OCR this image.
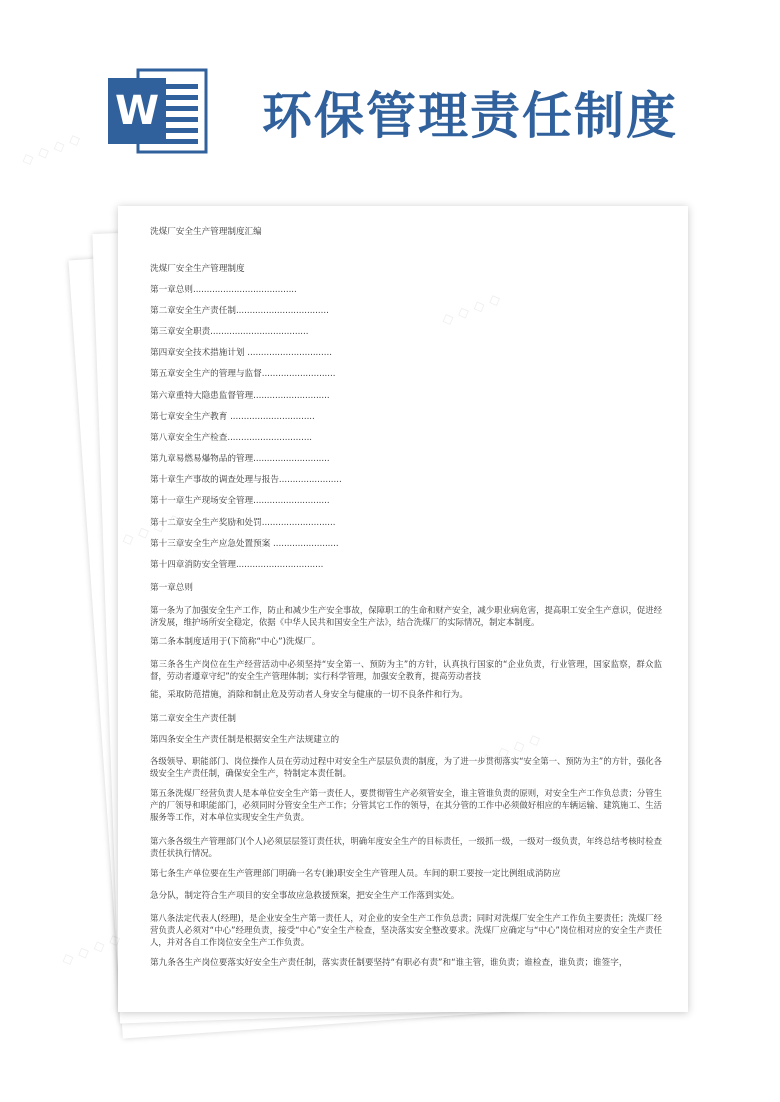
W 环保管理责任制度
洗煤厂安全生产管理制度汇编
洗煤厂安全生产管理制度
第一章总则......................................
第二章安全生产责任制..................................
第三章安全职责....................................
第四章安全技术措施计划 ...............................
第五章安全生产的管理与监督...........................
第六章重特大隐患监督管理............................
第七章安全生产教育 ...............................
第八章安全生产检查...............................
第九章易燃易爆物品的管理............................
第十章生产事故的调查处理与报告.......................
第十一章生产现场安全管理............................
第十二章安全生产奖励和处罚...........................
第十三章安全生产应急处置预案 ........................
第十四章消防安全管理................................
第一章总则
第一条为了加强安全生产工作，防止和减少生产安全事故，保障职工的生命和财产安全，减少职业病危害，提高职工安全生产意识，促进经济发展，维护场所安全稳定，依据《中华人民共和国安全生产法》，结合洗煤厂的实际情况，制定本制度。
第二条本制度适用于(下简称“中心”)洗煤厂。
第三条各生产岗位在生产经营活动中必须坚持“安全第一、预防为主”的方针，认真执行国家的“企业负责，行业管理，国家监察，群众监督，劳动者遵章守纪”的安全生产管理体制；实行科学管理，加强安全教育，提高劳动者技
能，采取防范措施，消除和制止危及劳动者人身安全与健康的一切不良条件和行为。
第二章安全生产责任制
第四条安全生产责任制是根据安全生产法规建立的
各级领导、职能部门、岗位操作人员在劳动过程中对安全生产层层负责的制度，为了进一步贯彻落实“安全第一、预防为主”的方针，强化各级安全生产责任制，确保安全生产，特制定本责任制。
第五条洗煤厂经营负责人是本单位安全生产第一责任人，要贯彻管生产必须管安全，谁主管谁负责的原则，对安全生产工作负总责；分管生产的厂领导和职能部门，必须同时分管安全生产工作；分管其它工作的领导，在其分管的工作中必须做好相应的车辆运输、建筑施工、生活服务等工作，对本单位实现安全生产负责。
第六条各级生产管理部门(个人)必须层层签订责任状，明确年度安全生产的目标责任，一级抓一级，一级对一级负责，年终总结考核时检查责任状执行情况。
第七条生产单位要在生产管理部门明确一名专(兼)职安全生产管理人员。车间的职工要按一定比例组成消防应
急分队，制定符合生产项目的安全事故应急救援预案，把安全生产工作落到实处。
第八条法定代表人(经理)，是企业安全生产第一责任人，对企业的安全生产工作负总责；同时对洗煤厂安全生产工作负主要责任；洗煤厂经营负责人必须对“中心”经理负责，接受“中心”安全生产检查，坚决落实安全整改要求。洗煤厂应确定与“中心”岗位相对应的安全生产责任人，并对各自工作岗位安全生产工作负责。
第九条各生产岗位要落实好安全生产责任制，落实责任制要坚持“有职必有责”和“谁主管，谁负责；谁检查，谁负责；谁签字，
◇ ◇ ◇ ◇
◇ ◇ ◇ ◇
